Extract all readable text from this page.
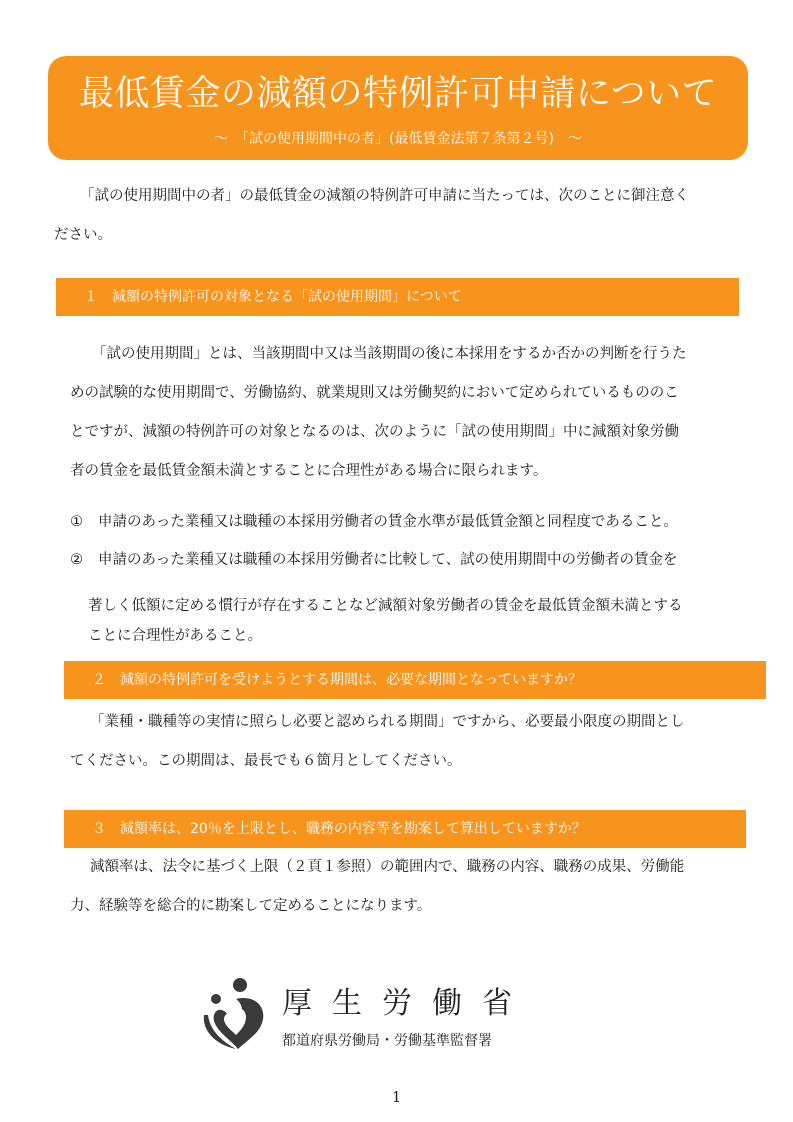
最低賃金の減額の特例許可申請について
～　「試の使用期間中の者」(最低賃金法第７条第２号)　～
「試の使用期間中の者」の最低賃金の減額の特例許可申請に当たっては、次のことに御注意く
ださい。
１　減額の特例許可の対象となる「試の使用期間」について
「試の使用期間」とは、当該期間中又は当該期間の後に本採用をするか否かの判断を行うた
めの試験的な使用期間で、労働協約、就業規則又は労働契約において定められているもののこ
とですが、減額の特例許可の対象となるのは、次のように「試の使用期間」中に減額対象労働
者の賃金を最低賃金額未満とすることに合理性がある場合に限られます。
① 申請のあった業種又は職種の本採用労働者の賃金水準が最低賃金額と同程度であること。
② 申請のあった業種又は職種の本採用労働者に比較して、試の使用期間中の労働者の賃金を
著しく低額に定める慣行が存在することなど減額対象労働者の賃金を最低賃金額未満とする
ことに合理性があること。
２　減額の特例許可を受けようとする期間は、必要な期間となっていますか？
「業種・職種等の実情に照らし必要と認められる期間」ですから、必要最小限度の期間とし
てください。この期間は、最長でも６箇月としてください。
３　減額率は、20％を上限とし、職務の内容等を勘案して算出していますか？
減額率は、法令に基づく上限（２頁１参照）の範囲内で、職務の内容、職務の成果、労働能
力、経験等を総合的に勘案して定めることになります。
厚生労働省
都道府県労働局・労働基準監督署
1
